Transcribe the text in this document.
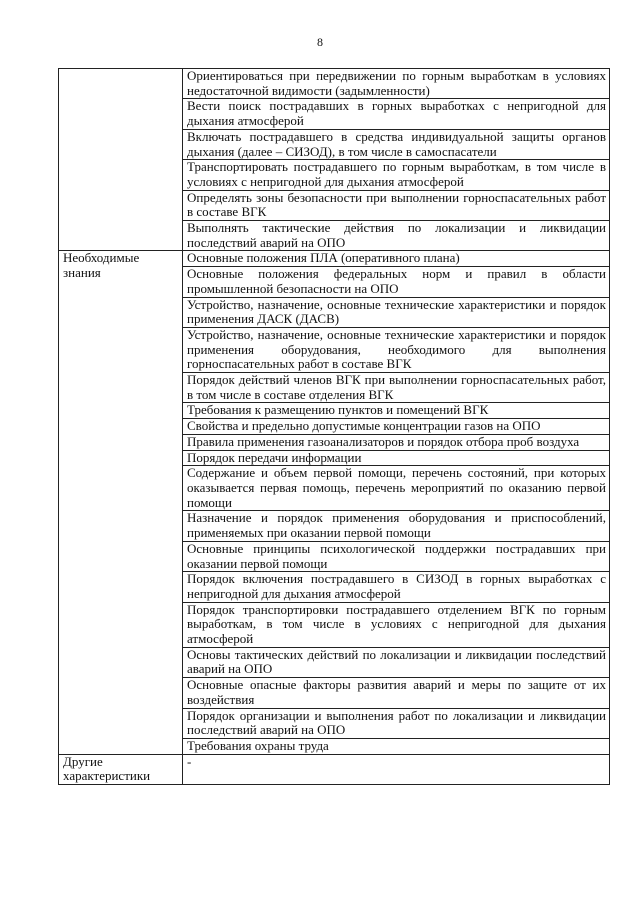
8

	Ориентироваться при передвижении по горным выработкам в условиях недостаточной видимости (задымленности)

	Вести поиск пострадавших в горных выработках с непригодной для дыхания атмосферой

	Включать пострадавшего в средства индивидуальной защиты органов дыхания (далее – СИЗОД), в том числе в самоспасатели

	Транспортировать пострадавшего по горным выработкам, в том числе в условиях с непригодной для дыхания атмосферой

	Определять зоны безопасности при выполнении горноспасательных работ в составе ВГК

	Выполнять тактические действия по локализации и ликвидации последствий аварий на ОПО

Необходимые знания	Основные положения ПЛА (оперативного плана)

	Основные положения федеральных норм и правил в области промышленной безопасности на ОПО

	Устройство, назначение, основные технические характеристики и порядок применения ДАСК (ДАСВ)

	Устройство, назначение, основные технические характеристики и порядок применения оборудования, необходимого для выполнения горноспасательных работ в составе ВГК

	Порядок действий членов ВГК при выполнении горноспасательных работ, в том числе в составе отделения ВГК

	Требования к размещению пунктов и помещений ВГК

	Свойства и предельно допустимые концентрации газов на ОПО

	Правила применения газоанализаторов и порядок отбора проб воздуха

	Порядок передачи информации

	Содержание и объем первой помощи, перечень состояний, при которых оказывается первая помощь, перечень мероприятий по оказанию первой помощи

	Назначение и порядок применения оборудования и приспособлений, применяемых при оказании первой помощи

	Основные принципы психологической поддержки пострадавших при оказании первой помощи

	Порядок включения пострадавшего в СИЗОД в горных выработках с непригодной для дыхания атмосферой

	Порядок транспортировки пострадавшего отделением ВГК по горным выработкам, в том числе в условиях с непригодной для дыхания атмосферой

	Основы тактических действий по локализации и ликвидации последствий аварий на ОПО

	Основные опасные факторы развития аварий и меры по защите от их воздействия

	Порядок организации и выполнения работ по локализации и ликвидации последствий аварий на ОПО

	Требования охраны труда

Другие характеристики	-
